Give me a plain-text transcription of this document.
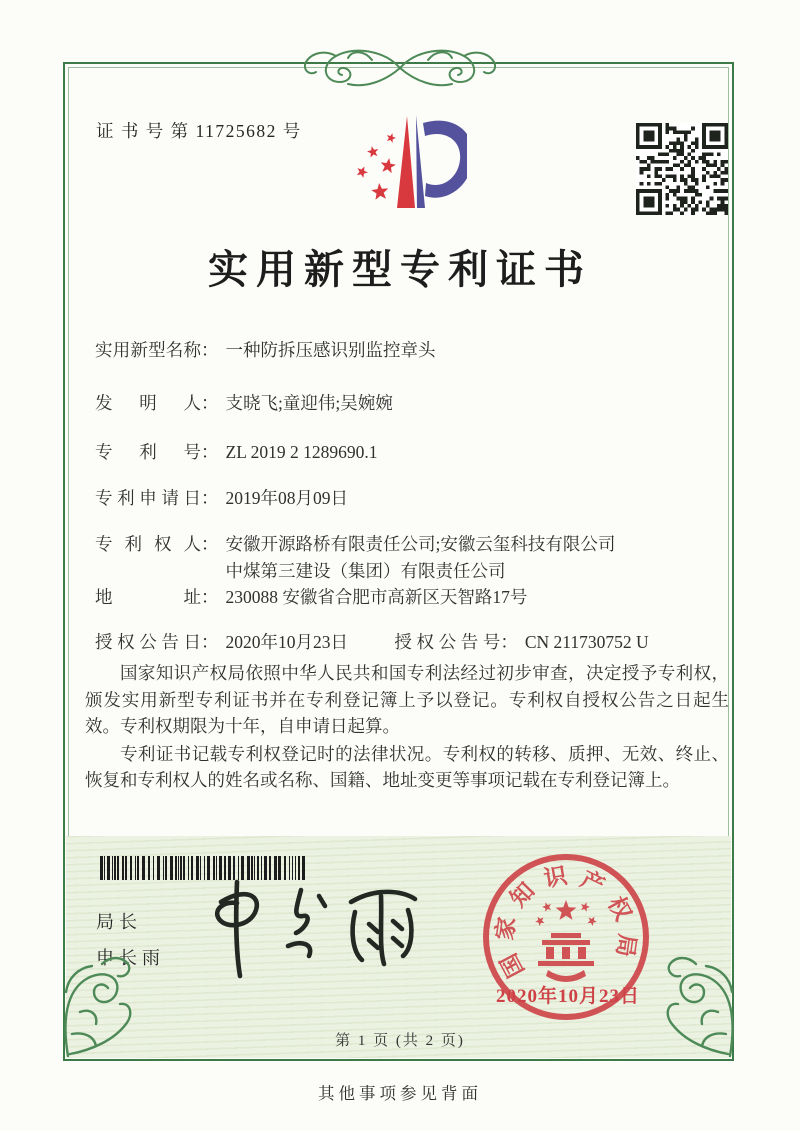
证 书 号 第 11725682 号
实用新型专利证书
实用新型名称： 一种防拆压感识别监控章头
发明人： 支晓飞;童迎伟;吴婉婉
专利号： ZL 2019 2 1289690.1
专利申请日： 2019年08月09日
专利权人： 安徽开源路桥有限责任公司;安徽云玺科技有限公司
中煤第三建设（集团）有限责任公司
地址： 230088 安徽省合肥市高新区天智路17号
授权公告日： 2020年10月23日	授权公告号： CN 211730752 U

国家知识产权局依照中华人民共和国专利法经过初步审查，决定授予专利权，颁发实用新型专利证书并在专利登记簿上予以登记。专利权自授权公告之日起生效。专利权期限为十年，自申请日起算。

专利证书记载专利权登记时的法律状况。专利权的转移、质押、无效、终止、恢复和专利权人的姓名或名称、国籍、地址变更等事项记载在专利登记簿上。

局长
申长雨	国
家
知
识 产
权
局
2020年10月23日
第 1 页 (共 2 页)
其他事项参见背面
